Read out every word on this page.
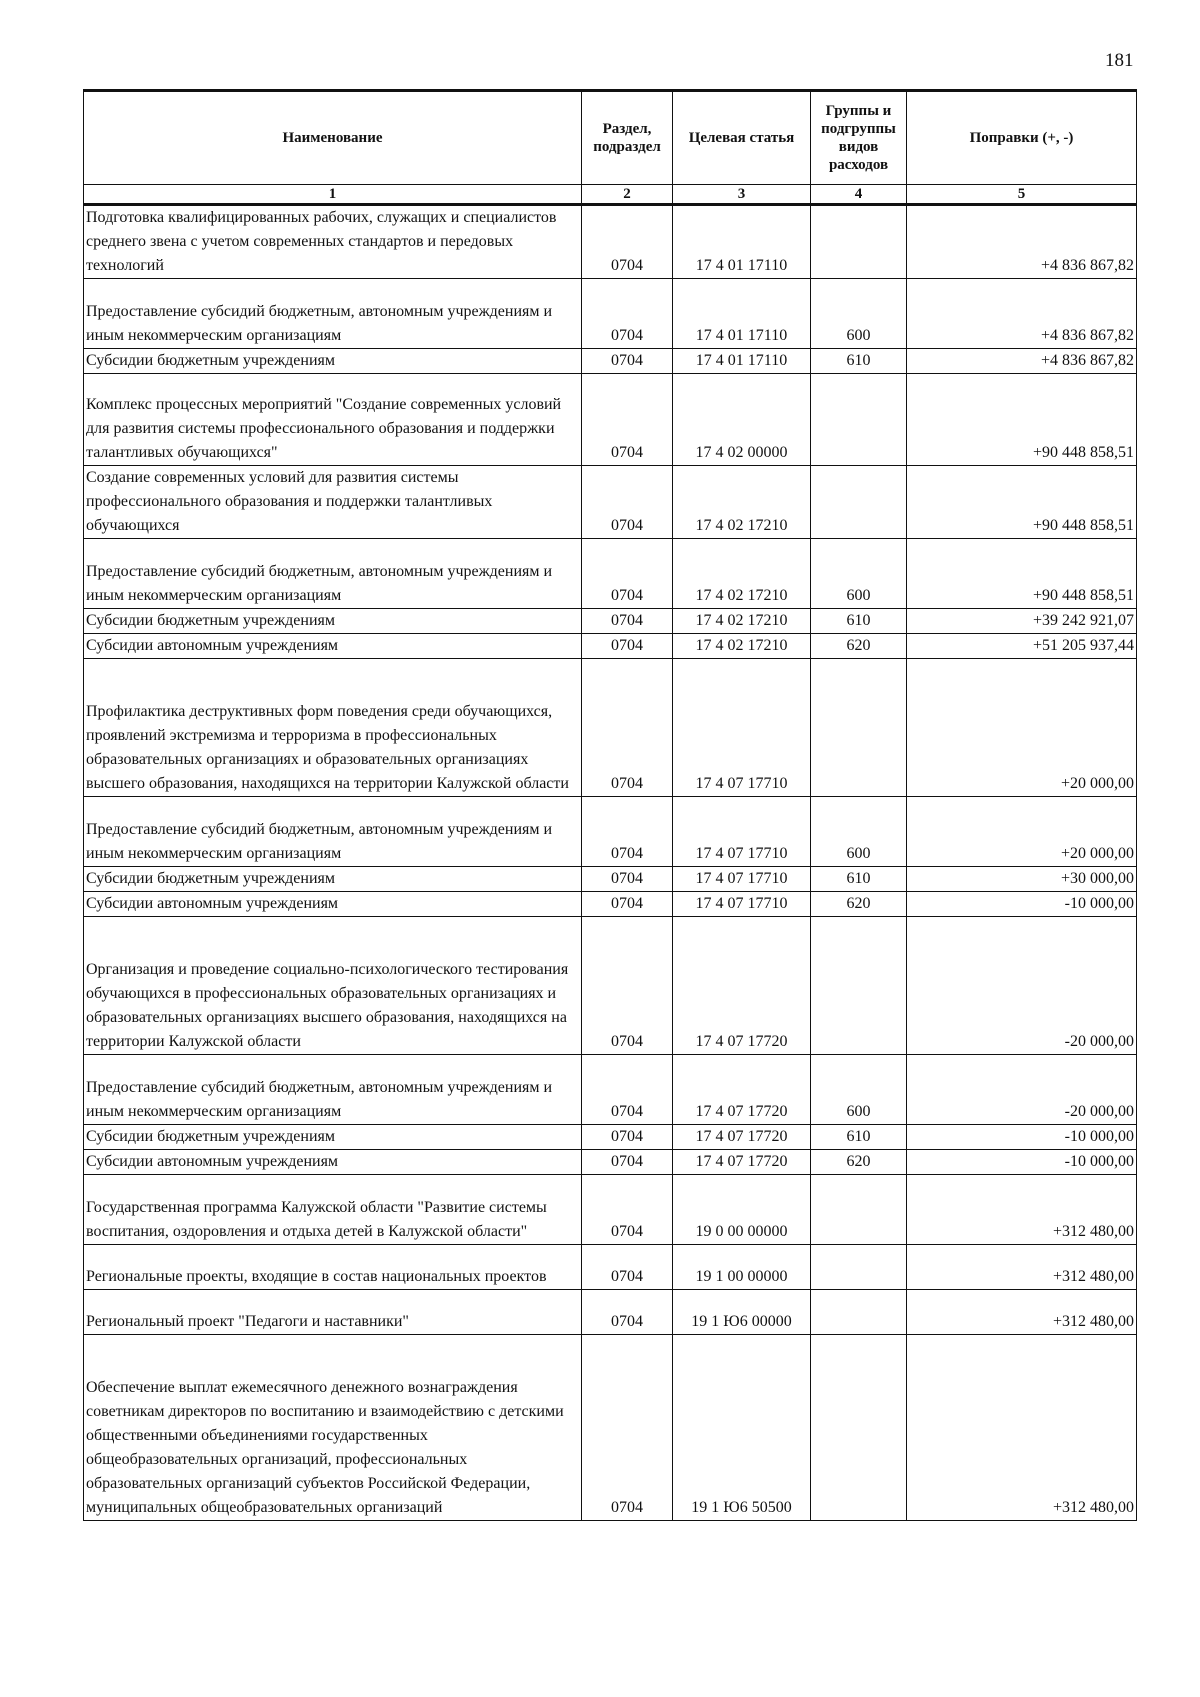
181
Наименование	Раздел, подраздел	Целевая статья	Группы и подгруппы видов расходов	Поправки (+, -)
1	2	3	4	5
Подготовка квалифицированных рабочих, служащих и специалистов среднего звена с учетом современных стандартов и передовых технологий	0704	17 4 01 17110		+4 836 867,82
Предоставление субсидий бюджетным, автономным учреждениям и иным некоммерческим организациям	0704	17 4 01 17110	600	+4 836 867,82
Субсидии бюджетным учреждениям	0704	17 4 01 17110	610	+4 836 867,82
Комплекс процессных мероприятий "Создание современных условий для развития системы профессионального образования и поддержки талантливых обучающихся"	0704	17 4 02 00000		+90 448 858,51
Создание современных условий для развития системы профессионального образования и поддержки талантливых обучающихся	0704	17 4 02 17210		+90 448 858,51
Предоставление субсидий бюджетным, автономным учреждениям и иным некоммерческим организациям	0704	17 4 02 17210	600	+90 448 858,51
Субсидии бюджетным учреждениям	0704	17 4 02 17210	610	+39 242 921,07
Субсидии автономным учреждениям	0704	17 4 02 17210	620	+51 205 937,44
Профилактика деструктивных форм поведения среди обучающихся, проявлений экстремизма и терроризма в профессиональных образовательных организациях и образовательных организациях высшего образования, находящихся на территории Калужской области	0704	17 4 07 17710		+20 000,00
Предоставление субсидий бюджетным, автономным учреждениям и иным некоммерческим организациям	0704	17 4 07 17710	600	+20 000,00
Субсидии бюджетным учреждениям	0704	17 4 07 17710	610	+30 000,00
Субсидии автономным учреждениям	0704	17 4 07 17710	620	-10 000,00
Организация и проведение социально-психологического тестирования обучающихся в профессиональных образовательных организациях и образовательных организациях высшего образования, находящихся на территории Калужской области	0704	17 4 07 17720		-20 000,00
Предоставление субсидий бюджетным, автономным учреждениям и иным некоммерческим организациям	0704	17 4 07 17720	600	-20 000,00
Субсидии бюджетным учреждениям	0704	17 4 07 17720	610	-10 000,00
Субсидии автономным учреждениям	0704	17 4 07 17720	620	-10 000,00
Государственная программа Калужской области "Развитие системы воспитания, оздоровления и отдыха детей в Калужской области"	0704	19 0 00 00000		+312 480,00
Региональные проекты, входящие в состав национальных проектов	0704	19 1 00 00000		+312 480,00
Региональный проект "Педагоги и наставники"	0704	19 1 Ю6 00000		+312 480,00
Обеспечение выплат ежемесячного денежного вознаграждения советникам директоров по воспитанию и взаимодействию с детскими общественными объединениями государственных общеобразовательных организаций, профессиональных образовательных организаций субъектов Российской Федерации, муниципальных общеобразовательных организаций	0704	19 1 Ю6 50500		+312 480,00
